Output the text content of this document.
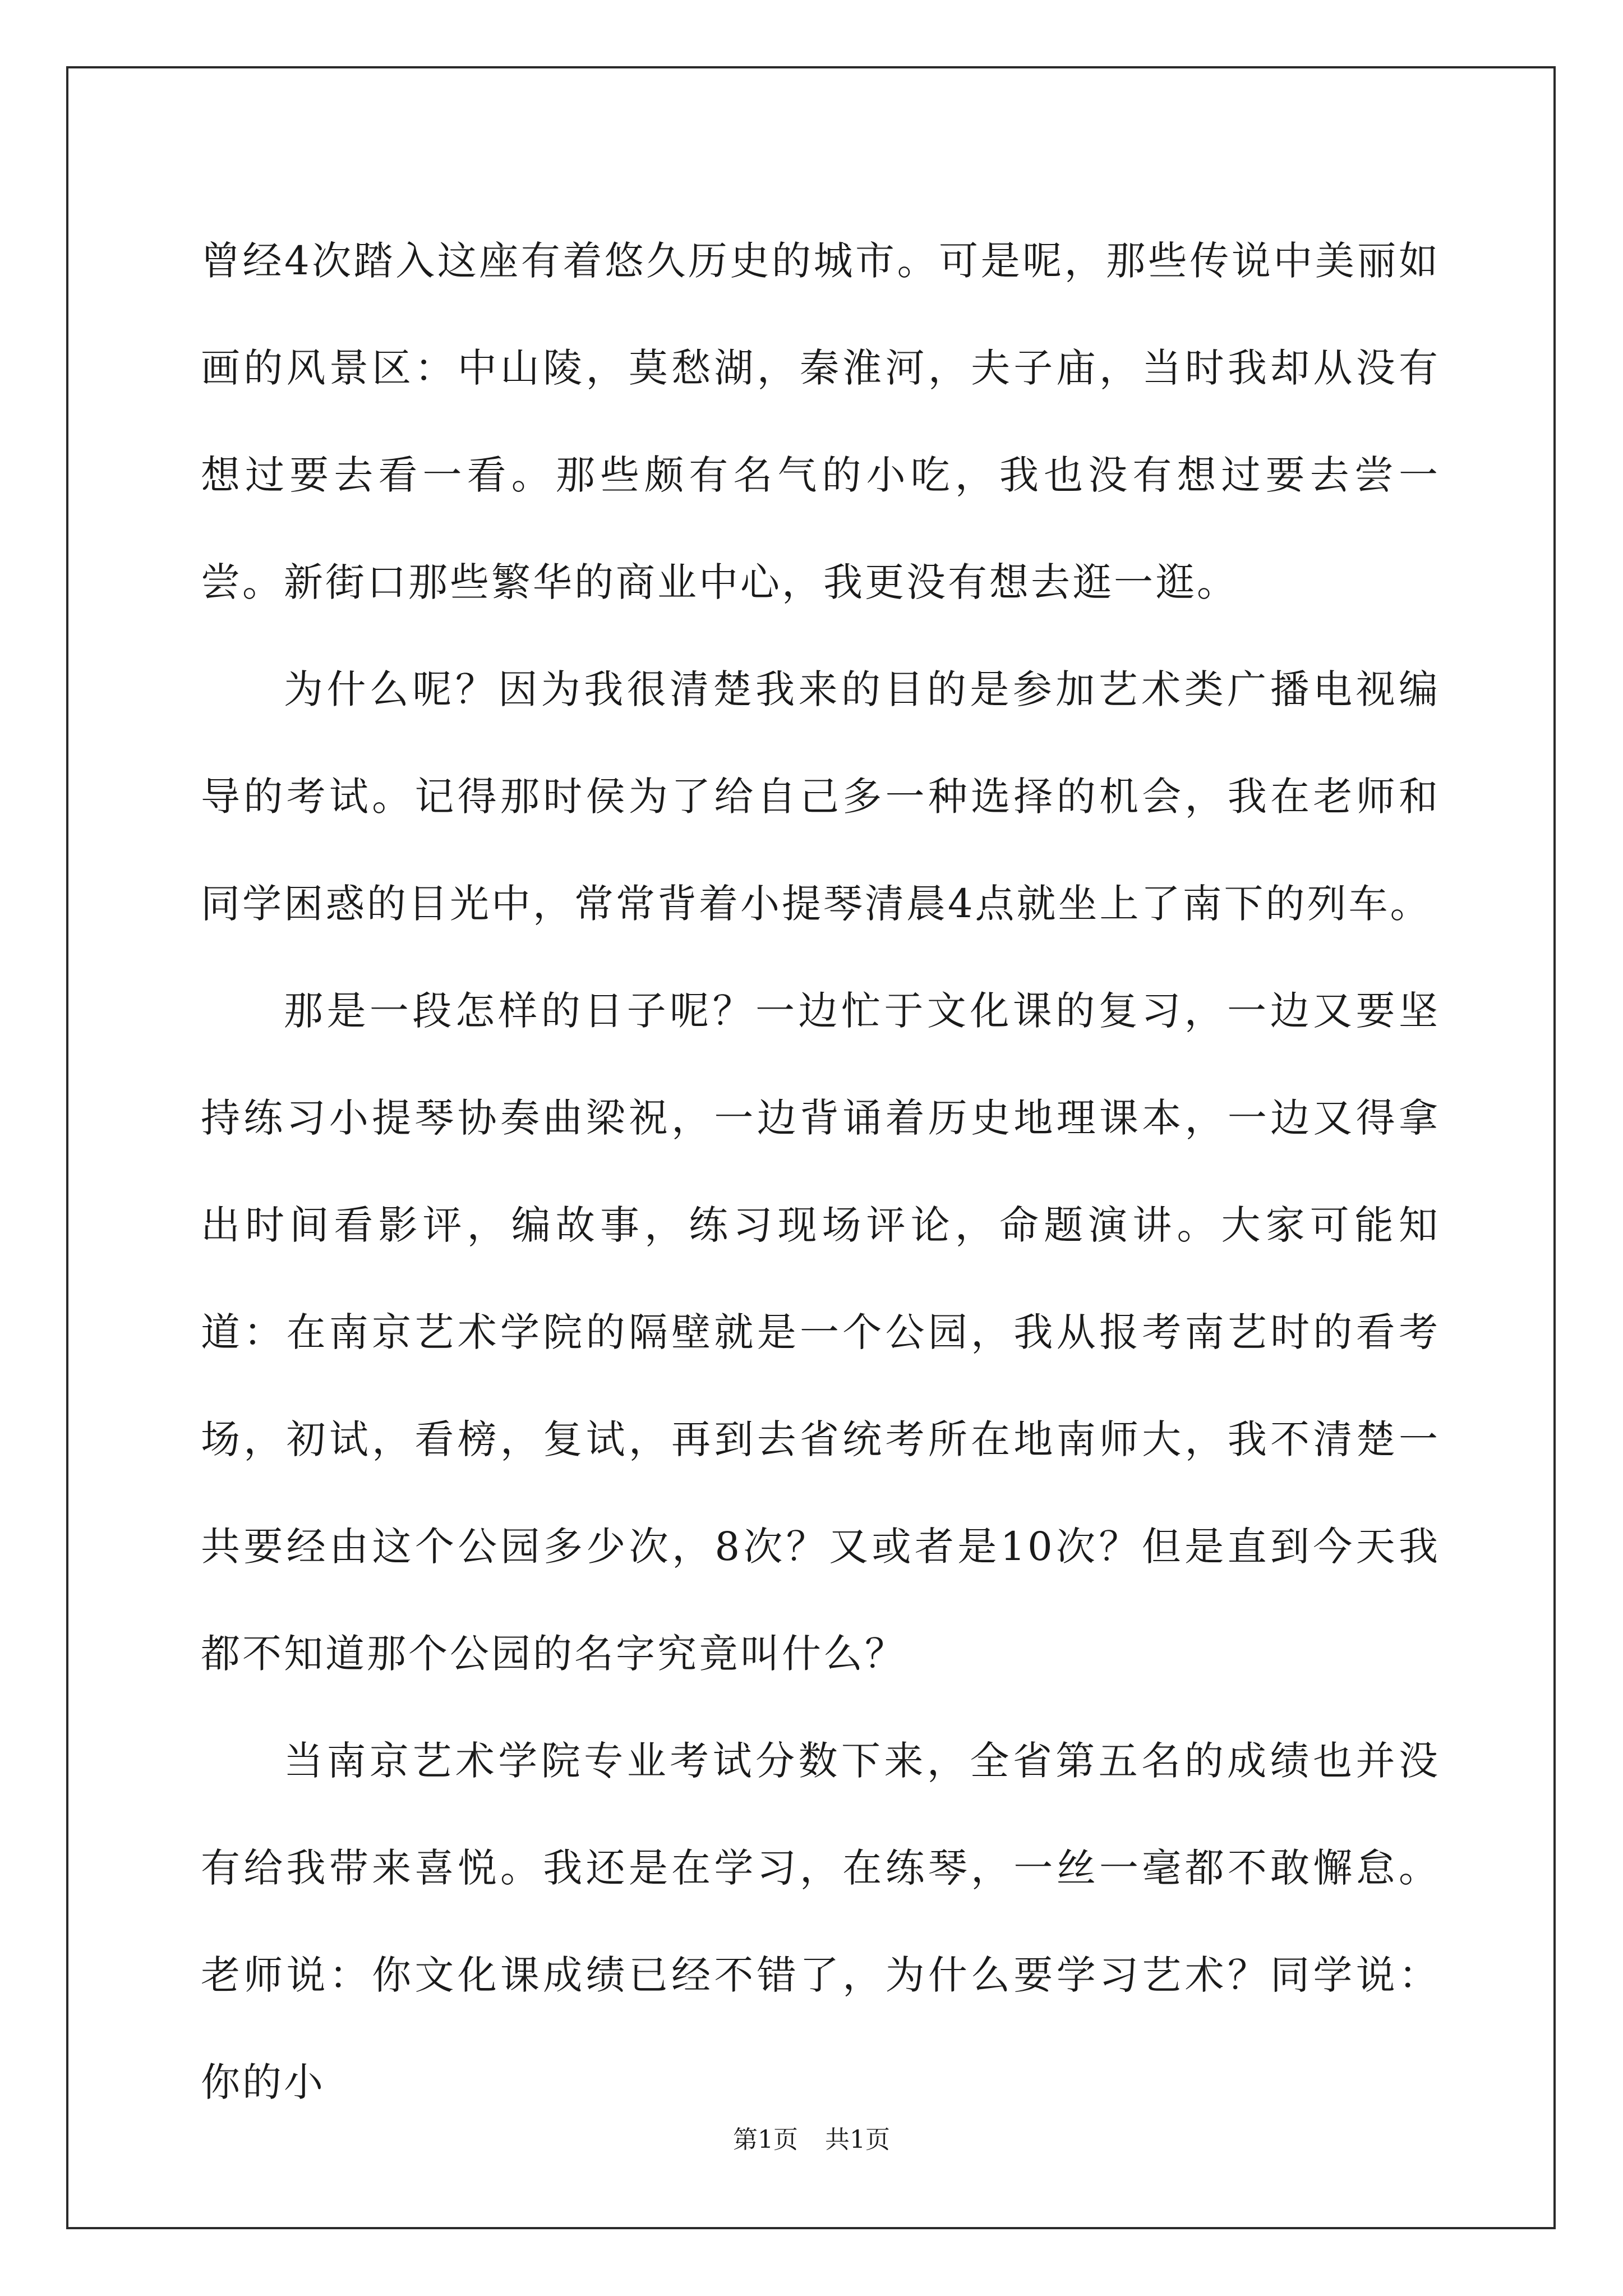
曾经4次踏入这座有着悠久历史的城市。可是呢，那些传说中美丽如画的风景区：中山陵，莫愁湖，秦淮河，夫子庙，当时我却从没有想过要去看一看。那些颇有名气的小吃，我也没有想过要去尝一尝。新街口那些繁华的商业中心，我更没有想去逛一逛。

为什么呢？因为我很清楚我来的目的是参加艺术类广播电视编导的考试。记得那时侯为了给自己多一种选择的机会，我在老师和同学困惑的目光中，常常背着小提琴清晨4点就坐上了南下的列车。

那是一段怎样的日子呢？一边忙于文化课的复习，一边又要坚持练习小提琴协奏曲梁祝，一边背诵着历史地理课本，一边又得拿出时间看影评，编故事，练习现场评论，命题演讲。大家可能知道：在南京艺术学院的隔壁就是一个公园，我从报考南艺时的看考场，初试，看榜，复试，再到去省统考所在地南师大，我不清楚一共要经由这个公园多少次，8次？又或者是10次？但是直到今天我都不知道那个公园的名字究竟叫什么？

当南京艺术学院专业考试分数下来，全省第五名的成绩也并没有给我带来喜悦。我还是在学习，在练琴，一丝一毫都不敢懈怠。老师说：你文化课成绩已经不错了，为什么要学习艺术？同学说：你的小

第1页 共1页
